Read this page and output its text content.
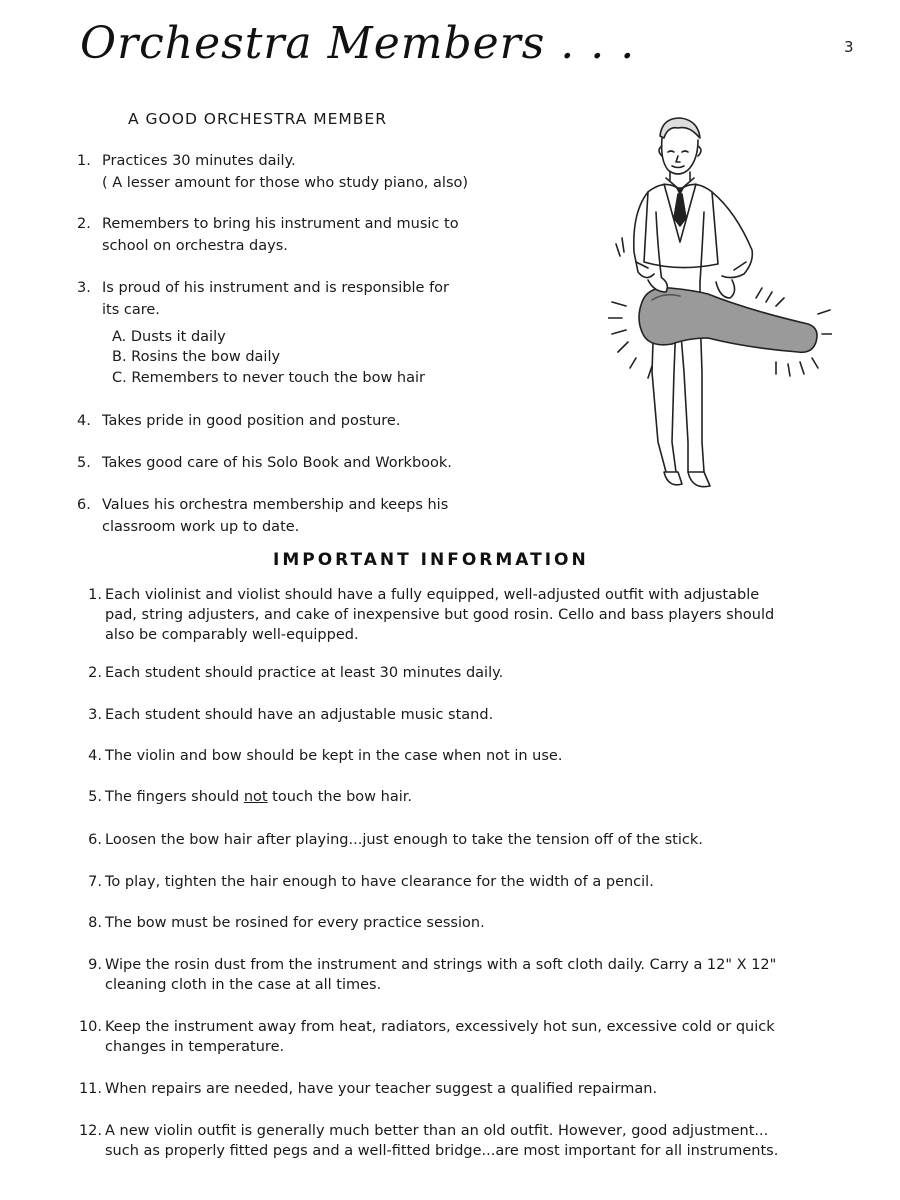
Orchestra Members . . .	3
A GOOD ORCHESTRA MEMBER
1. Practices 30 minutes daily.
( A lesser amount for those who study piano, also)
2. Remembers to bring his instrument and music to
school on orchestra days.
3. Is proud of his instrument and is responsible for
its care.
A. Dusts it daily
B. Rosins the bow daily
C. Remembers to never touch the bow hair
4. Takes pride in good position and posture.
5. Takes good care of his Solo Book and Workbook.
6. Values his orchestra membership and keeps his
classroom work up to date.
IMPORTANT INFORMATION
1. Each violinist and violist should have a fully equipped, well-adjusted outfit with adjustable
pad, string adjusters, and cake of inexpensive but good rosin. Cello and bass players should
also be comparably well-equipped.
2. Each student should practice at least 30 minutes daily.
3. Each student should have an adjustable music stand.
4. The violin and bow should be kept in the case when not in use.
5. The fingers should not touch the bow hair.
6. Loosen the bow hair after playing...just enough to take the tension off of the stick.
7. To play, tighten the hair enough to have clearance for the width of a pencil.
8. The bow must be rosined for every practice session.
9. Wipe the rosin dust from the instrument and strings with a soft cloth daily. Carry a 12" X 12"
cleaning cloth in the case at all times.
10. Keep the instrument away from heat, radiators, excessively hot sun, excessive cold or quick
changes in temperature.
11. When repairs are needed, have your teacher suggest a qualified repairman.
12. A new violin outfit is generally much better than an old outfit. However, good adjustment...
such as properly fitted pegs and a well-fitted bridge...are most important for all instruments.
